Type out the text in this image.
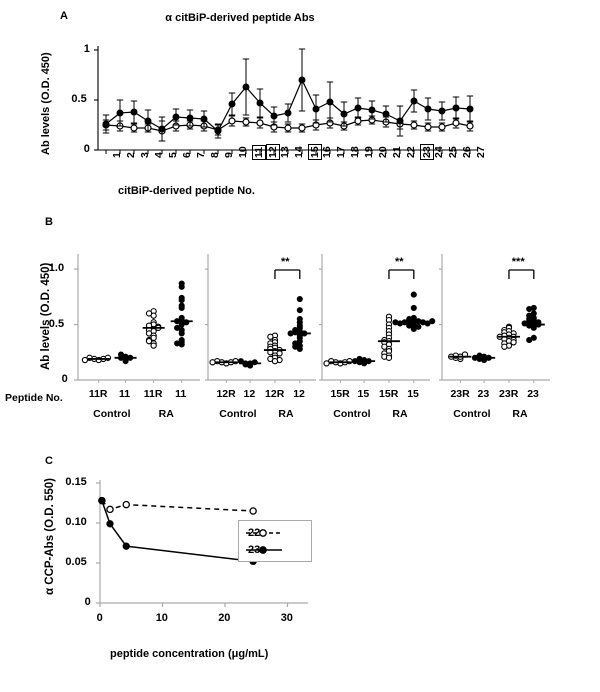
A	α citBiP-derived peptide Abs
Ab levels (O.D. 450)
citBiP-derived peptide No.
B
Ab levels (O.D. 450)
Peptide No.
C
α CCP-Abs (O.D. 550)
peptide concentration (μg/mL)
22
23
0
0.5
1
1 2 3 4 5 6 7 8 9 10 11 12 13 14 15 16 17 18 19 20 21 22 23 24 25 26 27
0
0.5
1.0
11R 11 11R 11
Control	RA
12R 12 12R 12
Control RA
**
15R 15 15R 15
Control RA
**
23R 23 23R 23
Control RA
***
0
0.05
0.10
0.15
0	10	20	30
